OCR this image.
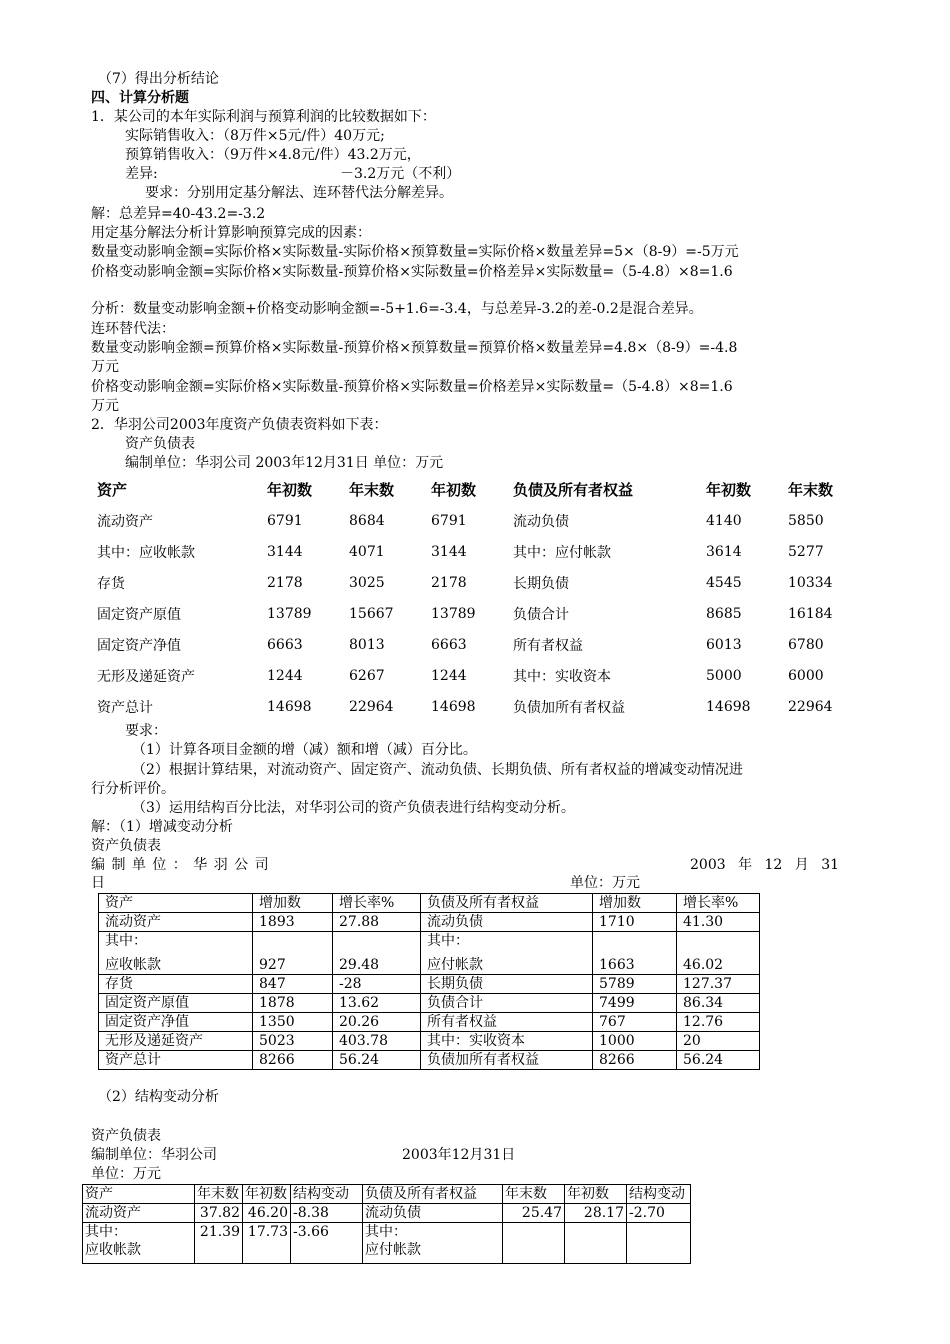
（7）得出分析结论
四、计算分析题
1．某公司的本年实际利润与预算利润的比较数据如下：
实际销售收入：（8万件×5元/件）40万元;
预算销售收入：（9万件×4.8元/件）43.2万元，
差异:	－3.2万元（不利）
要求：分别用定基分解法、连环替代法分解差异。
解：总差异=40-43.2=-3.2
用定基分解法分析计算影响预算完成的因素：
数量变动影响金额=实际价格×实际数量-实际价格×预算数量=实际价格×数量差异=5×（8-9）=-5万元
价格变动影响金额=实际价格×实际数量-预算价格×实际数量=价格差异×实际数量=（5-4.8）×8=1.6
分析：数量变动影响金额+价格变动影响金额=-5+1.6=-3.4，与总差异-3.2的差-0.2是混合差异。
连环替代法：
数量变动影响金额=预算价格×实际数量-预算价格×预算数量=预算价格×数量差异=4.8×（8-9）=-4.8
万元
价格变动影响金额=实际价格×实际数量-预算价格×实际数量=价格差异×实际数量=（5-4.8）×8=1.6
万元
2．华羽公司2003年度资产负债表资料如下表：
资产负债表
编制单位：华羽公司 2003年12月31日 单位：万元
资产	年初数	年末数	年初数	负债及所有者权益	年初数	年末数
流动资产	6791	8684	6791	流动负债	4140	5850
其中：应收帐款	3144	4071	3144	其中：应付帐款	3614	5277
存货	2178	3025	2178	长期负债	4545	10334
固定资产原值	13789	15667	13789	负债合计	8685	16184
固定资产净值	6663	8013	6663	所有者权益	6013	6780
无形及递延资产	1244	6267	1244	其中：实收资本	5000	6000
资产总计	14698	22964	14698	负债加所有者权益	14698	22964
要求：
（1）计算各项目金额的增（减）额和增（减）百分比。
（2）根据计算结果，对流动资产、固定资产、流动负债、长期负债、所有者权益的增减变动情况进
行分析评价。
（3）运用结构百分比法，对华羽公司的资产负债表进行结构变动分析。
解：（1）增减变动分析
资产负债表
编 制 单 位 ： 华 羽 公 司	2003 年 12 月 31
日	单位：万元
资产	增加数	增长率%	负债及所有者权益	增加数	增长率%
流动资产	1893	27.88	流动负债	1710	41.30
其中：			其中：		
应收帐款	927	29.48	应付帐款	1663	46.02
存货	847	-28	长期负债	5789	127.37
固定资产原值	1878	13.62	负债合计	7499	86.34
固定资产净值	1350	20.26	所有者权益	767	12.76
无形及递延资产	5023	403.78	其中：实收资本	1000	20
资产总计	8266	56.24	负债加所有者权益	8266	56.24
（2）结构变动分析
资产负债表
编制单位：华羽公司	2003年12月31日
单位：万元
资产	年末数	年初数	结构变动	负债及所有者权益	年末数	年初数	结构变动
流动资产	37.82	46.20	-8.38	流动负债	25.47	28.17	-2.70
其中：	21.39	17.73	-3.66	其中：			
应收帐款				应付帐款			
